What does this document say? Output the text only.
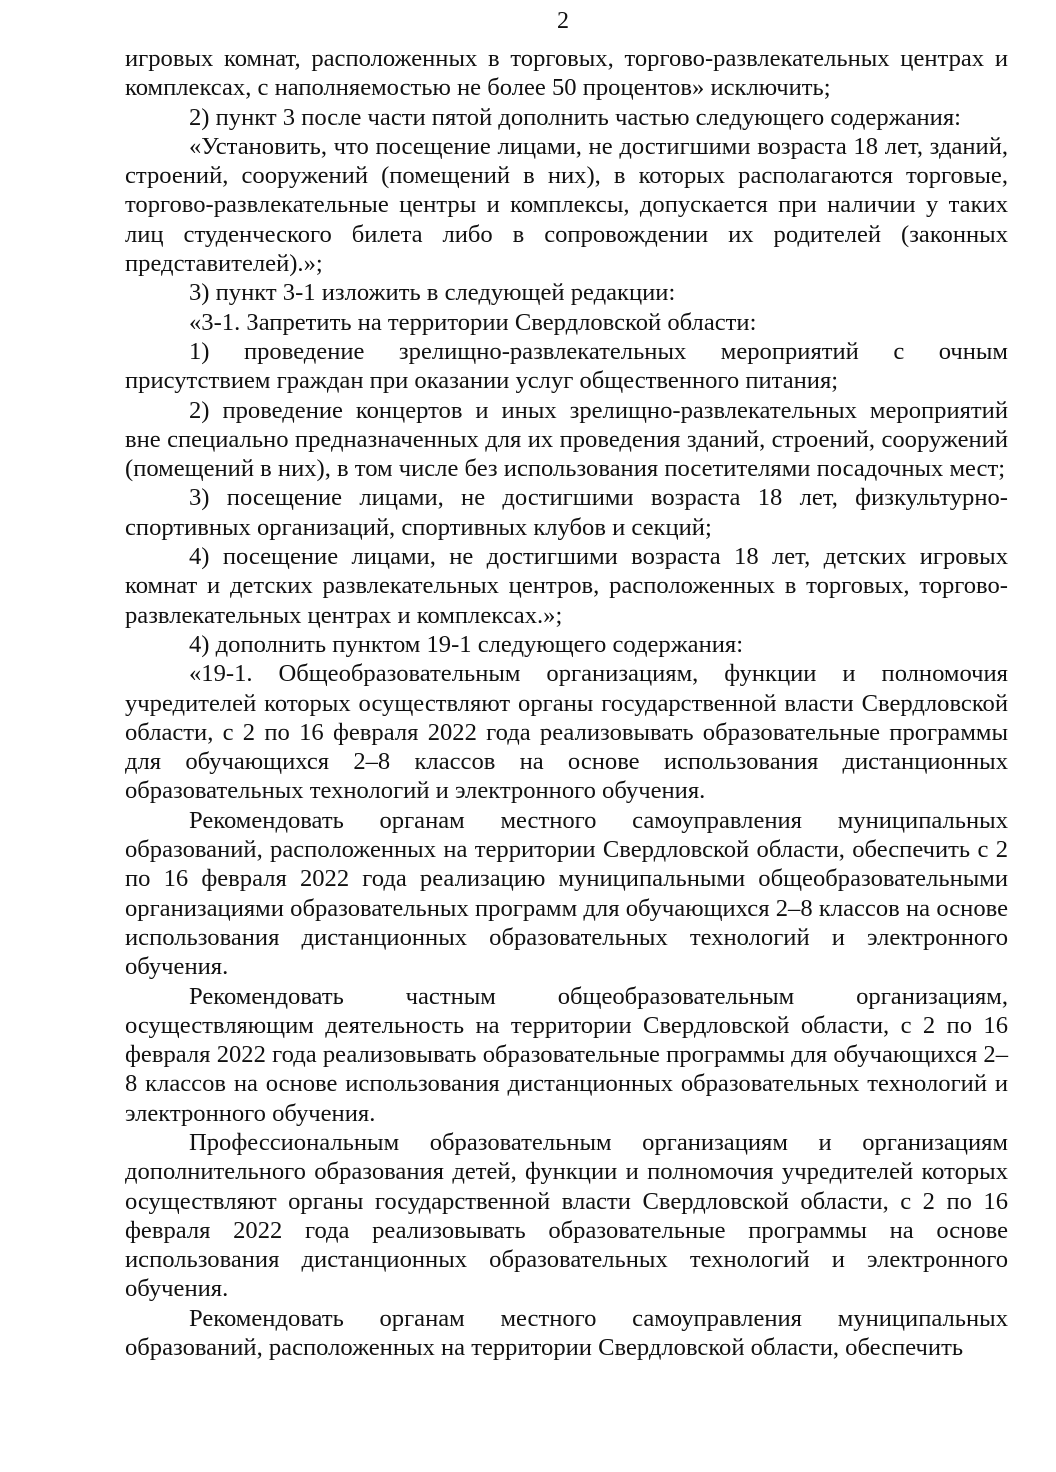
2

игровых комнат, расположенных в торговых, торгово-развлекательных центрах и комплексах, с наполняемостью не более 50 процентов» исключить;

2) пункт 3 после части пятой дополнить частью следующего содержания:

«Установить, что посещение лицами, не достигшими возраста 18 лет, зданий, строений, сооружений (помещений в них), в которых располагаются торговые, торгово-развлекательные центры и комплексы, допускается при наличии у таких лиц студенческого билета либо в сопровождении их родителей (законных представителей).»;

3) пункт 3-1 изложить в следующей редакции:

«3-1. Запретить на территории Свердловской области:

1) проведение зрелищно-развлекательных мероприятий с очным присутствием граждан при оказании услуг общественного питания;

2) проведение концертов и иных зрелищно-развлекательных мероприятий вне специально предназначенных для их проведения зданий, строений, сооружений (помещений в них), в том числе без использования посетителями посадочных мест;

3) посещение лицами, не достигшими возраста 18 лет, физкультурно-спортивных организаций, спортивных клубов и секций;

4) посещение лицами, не достигшими возраста 18 лет, детских игровых комнат и детских развлекательных центров, расположенных в торговых, торгово-развлекательных центрах и комплексах.»;

4) дополнить пунктом 19-1 следующего содержания:

«19-1. Общеобразовательным организациям, функции и полномочия учредителей которых осуществляют органы государственной власти Свердловской области, с 2 по 16 февраля 2022 года реализовывать образовательные программы для обучающихся 2–8 классов на основе использования дистанционных образовательных технологий и электронного обучения.

Рекомендовать органам местного самоуправления муниципальных образований, расположенных на территории Свердловской области, обеспечить с 2 по 16 февраля 2022 года реализацию муниципальными общеобразовательными организациями образовательных программ для обучающихся 2–8 классов на основе использования дистанционных образовательных технологий и электронного обучения.

Рекомендовать частным общеобразовательным организациям, осуществляющим деятельность на территории Свердловской области, с 2 по 16 февраля 2022 года реализовывать образовательные программы для обучающихся 2–8 классов на основе использования дистанционных образовательных технологий и электронного обучения.

Профессиональным образовательным организациям и организациям дополнительного образования детей, функции и полномочия учредителей которых осуществляют органы государственной власти Свердловской области, с 2 по 16 февраля 2022 года реализовывать образовательные программы на основе использования дистанционных образовательных технологий и электронного обучения.

Рекомендовать органам местного самоуправления муниципальных образований, расположенных на территории Свердловской области, обеспечить
